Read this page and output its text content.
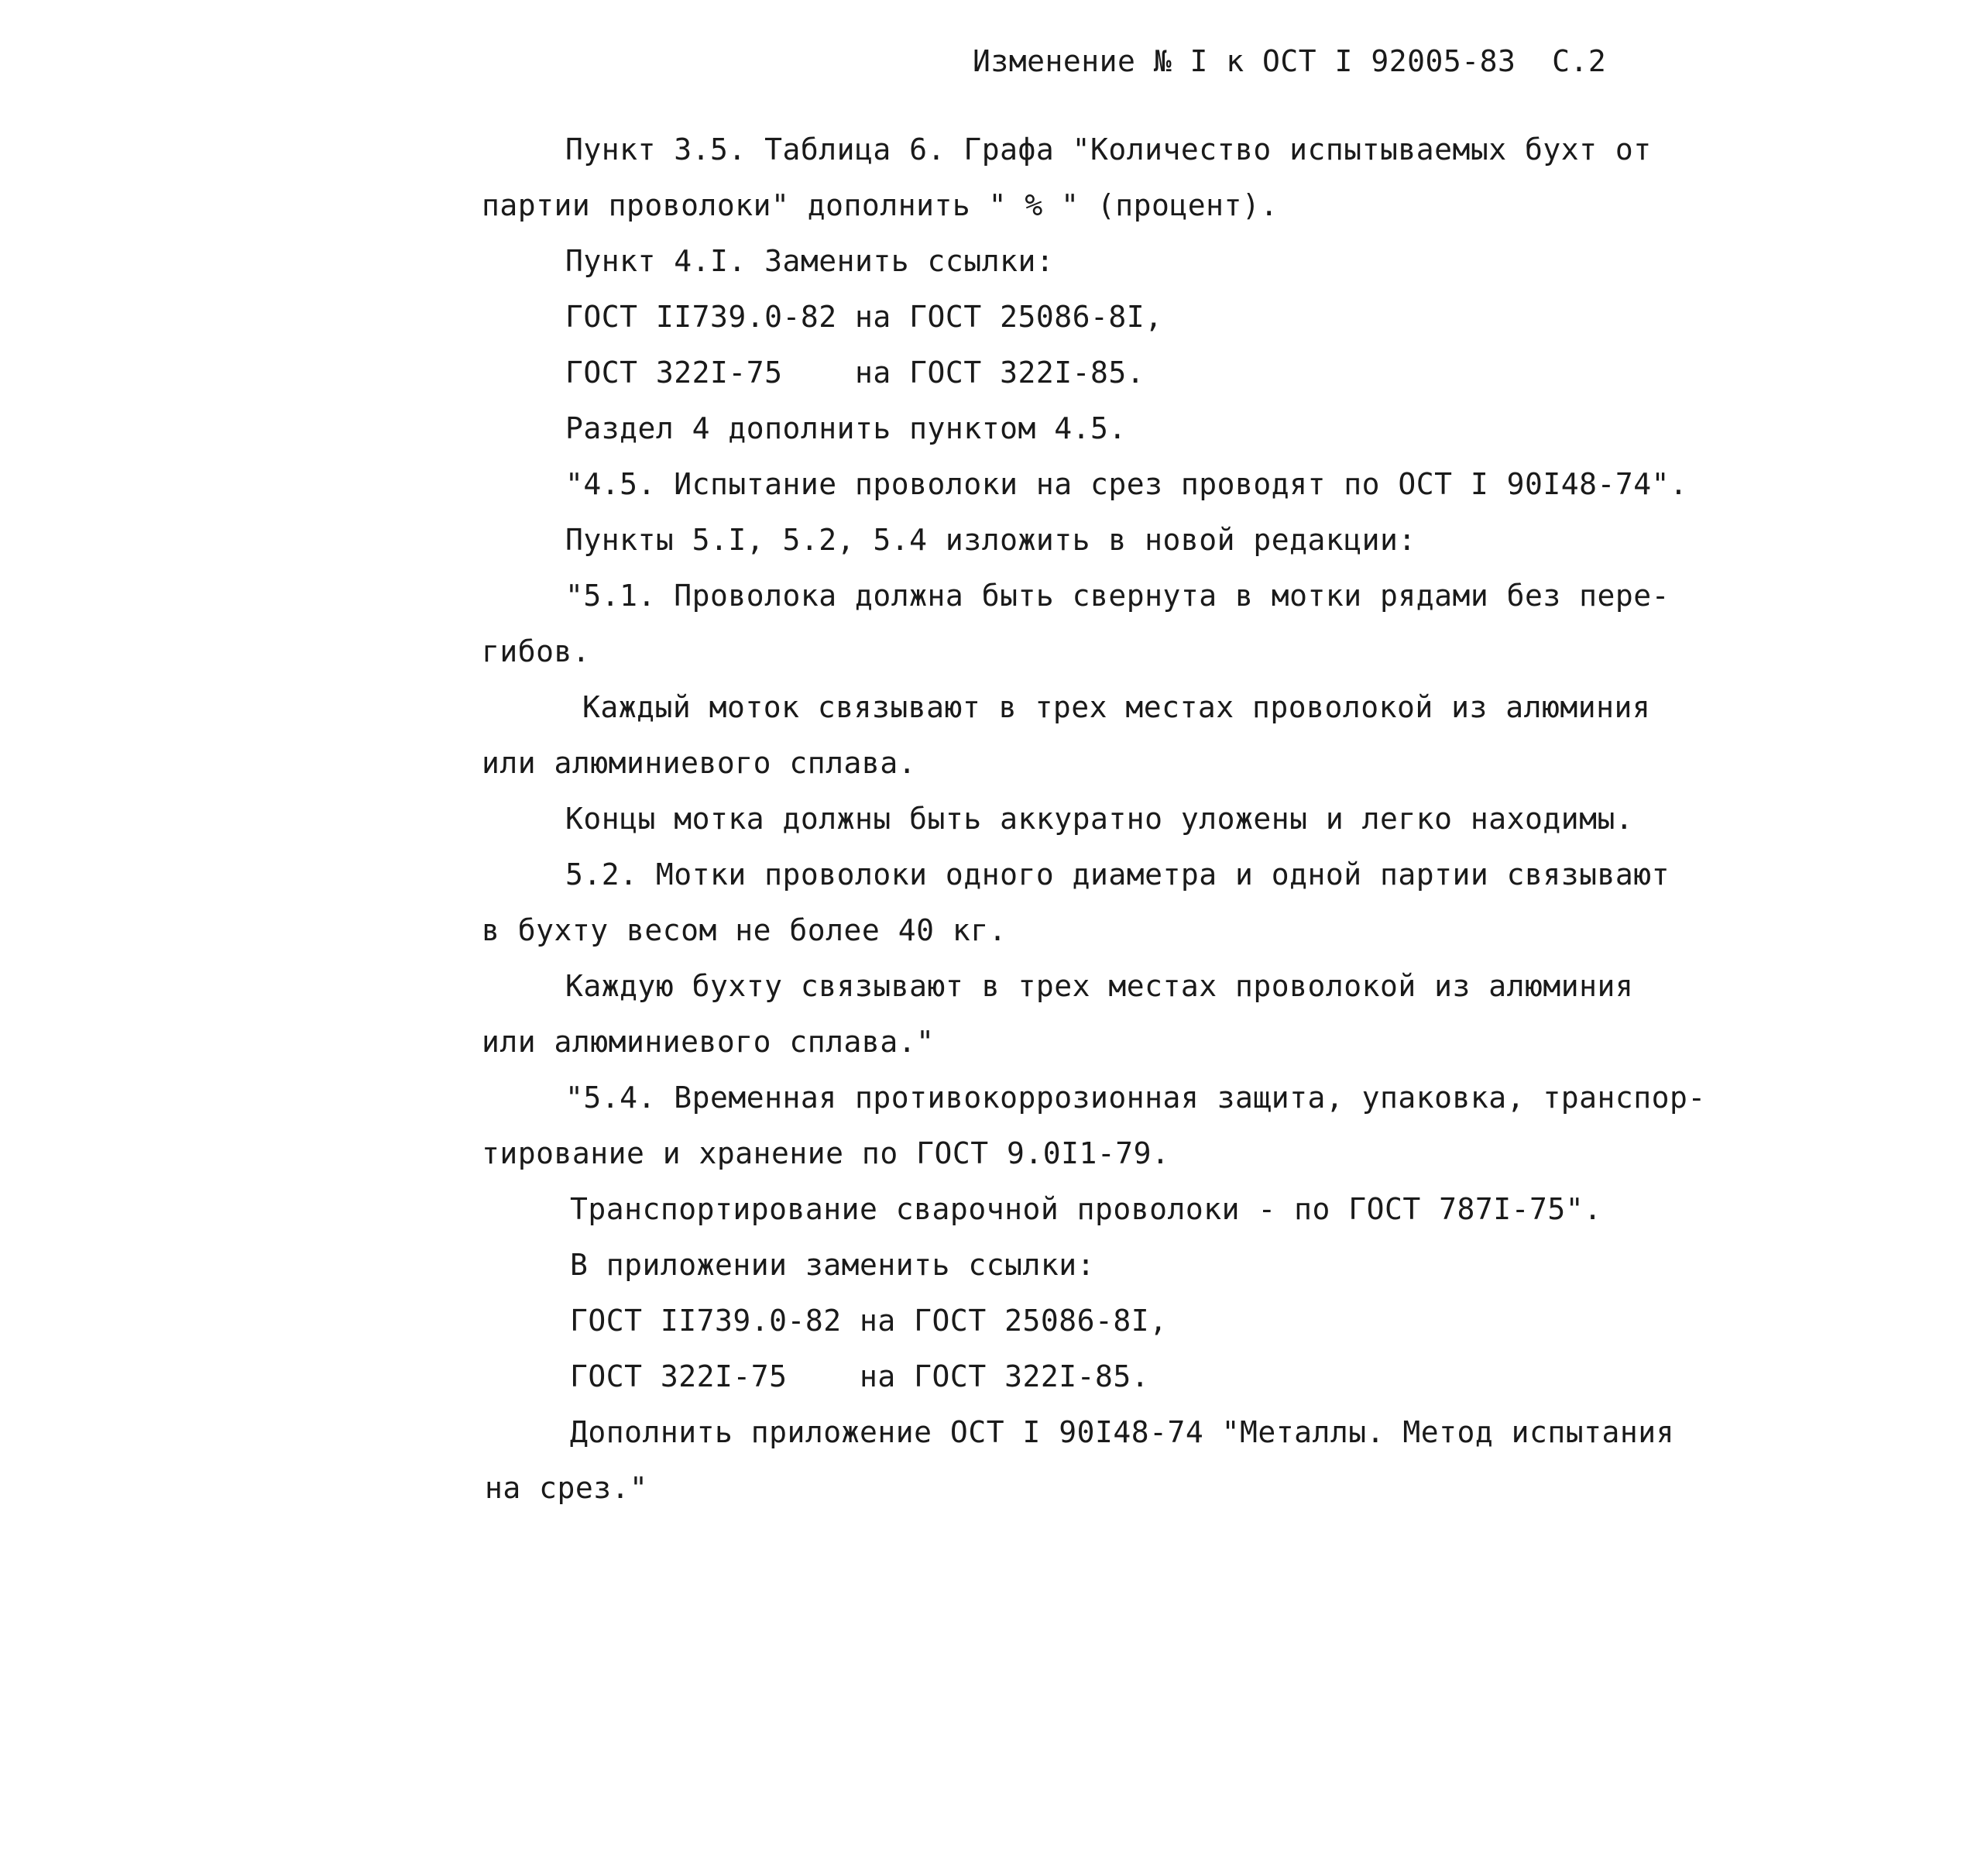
Изменение № I к ОСТ I 92005-83  С.2
Пункт 3.5. Таблица 6. Графа "Количество испытываемых бухт от
партии проволоки" дополнить " % " (процент).
Пункт 4.I. Заменить ссылки:
ГОСТ II739.0-82 на ГОСТ 25086-8I,
ГОСТ 322I-75    на ГОСТ 322I-85.
Раздел 4 дополнить пунктом 4.5.
"4.5. Испытание проволоки на срез проводят по ОСТ I 90I48-74".
Пункты 5.I, 5.2, 5.4 изложить в новой редакции:
"5.1. Проволока должна быть свернута в мотки рядами без пере-
гибов.
Каждый моток связывают в трех местах проволокой из алюминия
или алюминиевого сплава.
Концы мотка должны быть аккуратно уложены и легко находимы.
5.2. Мотки проволоки одного диаметра и одной партии связывают
в бухту весом не более 40 кг.
Каждую бухту связывают в трех местах проволокой из алюминия
или алюминиевого сплава."
"5.4. Временная противокоррозионная защита, упаковка, транспор-
тирование и хранение по ГОСТ 9.0I1-79.
Транспортирование сварочной проволоки - по ГОСТ 787I-75".
В приложении заменить ссылки:
ГОСТ II739.0-82 на ГОСТ 25086-8I,
ГОСТ 322I-75    на ГОСТ 322I-85.
Дополнить приложение ОСТ I 90I48-74 "Металлы. Метод испытания
на срез."
